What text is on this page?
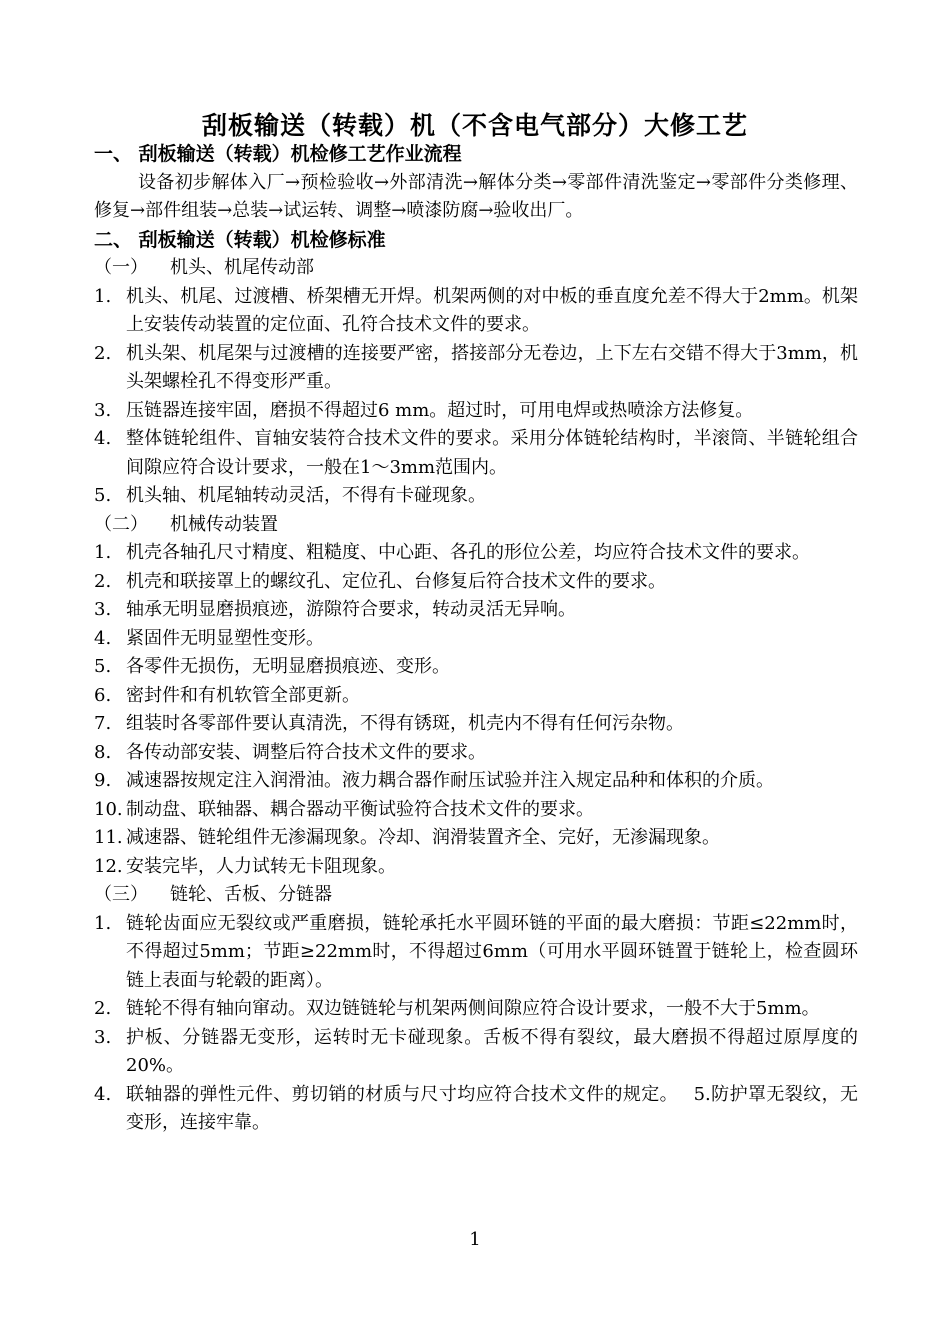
刮板输送（转载）机（不含电气部分）大修工艺
一、 刮板输送（转载）机检修工艺作业流程
设备初步解体入厂→预检验收→外部清洗→解体分类→零部件清洗鉴定→零部件分类修理、修复→部件组装→总装→试运转、调整→喷漆防腐→验收出厂。
二、 刮板输送（转载）机检修标准
（一） 机头、机尾传动部
1. 机头、机尾、过渡槽、桥架槽无开焊。机架两侧的对中板的垂直度允差不得大于2mm。机架上安装传动装置的定位面、孔符合技术文件的要求。
2. 机头架、机尾架与过渡槽的连接要严密，搭接部分无卷边，上下左右交错不得大于3mm，机头架螺栓孔不得变形严重。
3. 压链器连接牢固，磨损不得超过6 mm。超过时，可用电焊或热喷涂方法修复。
4. 整体链轮组件、盲轴安装符合技术文件的要求。采用分体链轮结构时，半滚筒、半链轮组合间隙应符合设计要求，一般在1～3mm范围内。
5. 机头轴、机尾轴转动灵活，不得有卡碰现象。
（二） 机械传动装置
1. 机壳各轴孔尺寸精度、粗糙度、中心距、各孔的形位公差，均应符合技术文件的要求。
2. 机壳和联接罩上的螺纹孔、定位孔、台修复后符合技术文件的要求。
3. 轴承无明显磨损痕迹，游隙符合要求，转动灵活无异响。
4. 紧固件无明显塑性变形。
5. 各零件无损伤，无明显磨损痕迹、变形。
6. 密封件和有机软管全部更新。
7. 组装时各零部件要认真清洗，不得有锈斑，机壳内不得有任何污杂物。
8. 各传动部安装、调整后符合技术文件的要求。
9. 减速器按规定注入润滑油。液力耦合器作耐压试验并注入规定品种和体积的介质。
10. 制动盘、联轴器、耦合器动平衡试验符合技术文件的要求。
11. 减速器、链轮组件无渗漏现象。冷却、润滑装置齐全、完好，无渗漏现象。
12. 安装完毕，人力试转无卡阻现象。
（三） 链轮、舌板、分链器
1. 链轮齿面应无裂纹或严重磨损，链轮承托水平圆环链的平面的最大磨损：节距≤22mm时，不得超过5mm；节距≥22mm时，不得超过6mm（可用水平圆环链置于链轮上，检查圆环链上表面与轮毂的距离）。
2. 链轮不得有轴向窜动。双边链链轮与机架两侧间隙应符合设计要求，一般不大于5mm。
3. 护板、分链器无变形，运转时无卡碰现象。舌板不得有裂纹，最大磨损不得超过原厚度的20%。
4. 联轴器的弹性元件、剪切销的材质与尺寸均应符合技术文件的规定。　 5.防护罩无裂纹，无变形，连接牢靠。
1
